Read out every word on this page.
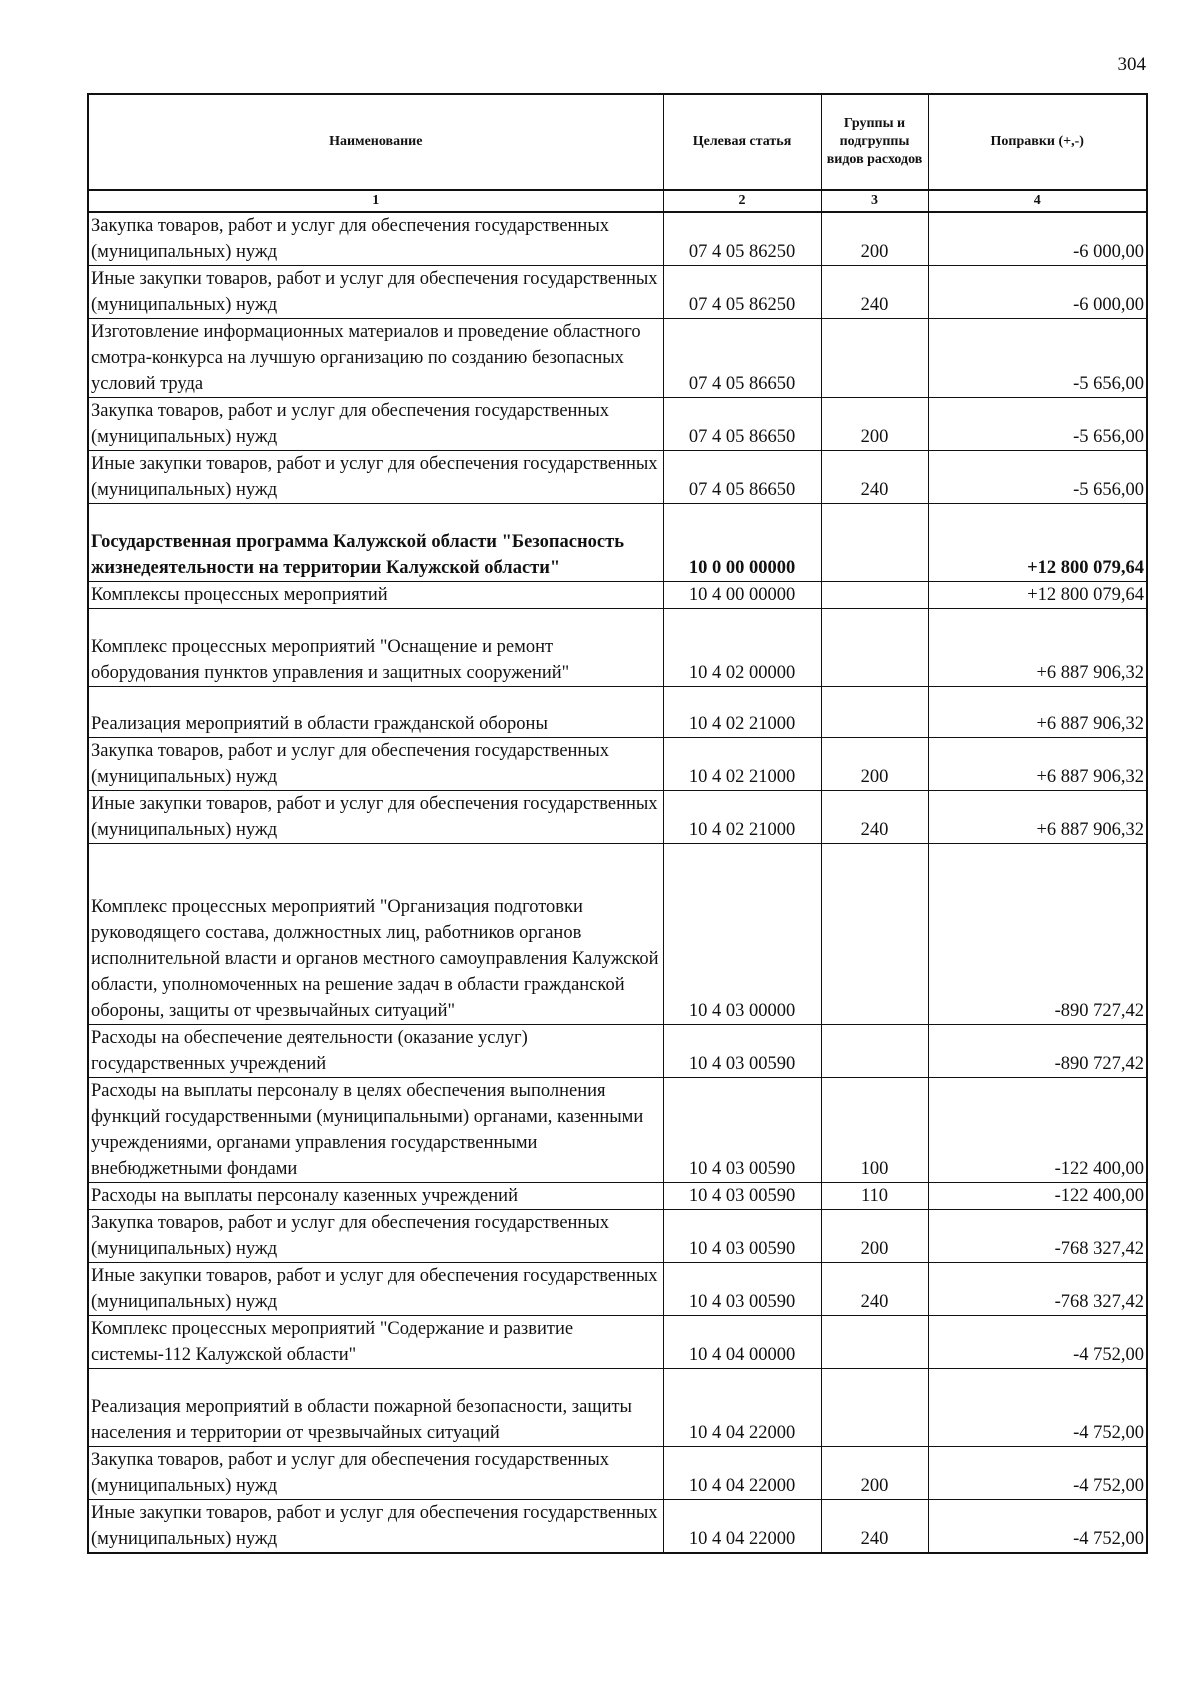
304
Наименование	Целевая статья	Группы и подгруппы видов расходов	Поправки (+,-)
1	2	3	4
Закупка товаров, работ и услуг для обеспечения государственных (муниципальных) нужд	07 4 05 86250	200	-6 000,00
Иные закупки товаров, работ и услуг для обеспечения государственных (муниципальных) нужд	07 4 05 86250	240	-6 000,00
Изготовление информационных материалов и проведение областного смотра-конкурса на лучшую организацию по созданию безопасных условий труда	07 4 05 86650		-5 656,00
Закупка товаров, работ и услуг для обеспечения государственных (муниципальных) нужд	07 4 05 86650	200	-5 656,00
Иные закупки товаров, работ и услуг для обеспечения государственных (муниципальных) нужд	07 4 05 86650	240	-5 656,00
Государственная программа Калужской области "Безопасность жизнедеятельности на территории Калужской области"	10 0 00 00000		+12 800 079,64
Комплексы процессных мероприятий	10 4 00 00000		+12 800 079,64
Комплекс процессных мероприятий "Оснащение и ремонт оборудования пунктов управления и защитных сооружений"	10 4 02 00000		+6 887 906,32
Реализация мероприятий в области гражданской обороны	10 4 02 21000		+6 887 906,32
Закупка товаров, работ и услуг для обеспечения государственных (муниципальных) нужд	10 4 02 21000	200	+6 887 906,32
Иные закупки товаров, работ и услуг для обеспечения государственных (муниципальных) нужд	10 4 02 21000	240	+6 887 906,32
Комплекс процессных мероприятий "Организация подготовки руководящего состава, должностных лиц, работников органов исполнительной власти и органов местного самоуправления Калужской области, уполномоченных на решение задач в области гражданской обороны, защиты от чрезвычайных ситуаций"	10 4 03 00000		-890 727,42
Расходы на обеспечение деятельности (оказание услуг) государственных учреждений	10 4 03 00590		-890 727,42
Расходы на выплаты персоналу в целях обеспечения выполнения функций государственными (муниципальными) органами, казенными учреждениями, органами управления государственными внебюджетными фондами	10 4 03 00590	100	-122 400,00
Расходы на выплаты персоналу казенных учреждений	10 4 03 00590	110	-122 400,00
Закупка товаров, работ и услуг для обеспечения государственных (муниципальных) нужд	10 4 03 00590	200	-768 327,42
Иные закупки товаров, работ и услуг для обеспечения государственных (муниципальных) нужд	10 4 03 00590	240	-768 327,42
Комплекс процессных мероприятий "Содержание и развитие системы-112 Калужской области"	10 4 04 00000		-4 752,00
Реализация мероприятий в области пожарной безопасности, защиты населения и территории от чрезвычайных ситуаций	10 4 04 22000		-4 752,00
Закупка товаров, работ и услуг для обеспечения государственных (муниципальных) нужд	10 4 04 22000	200	-4 752,00
Иные закупки товаров, работ и услуг для обеспечения государственных (муниципальных) нужд	10 4 04 22000	240	-4 752,00
